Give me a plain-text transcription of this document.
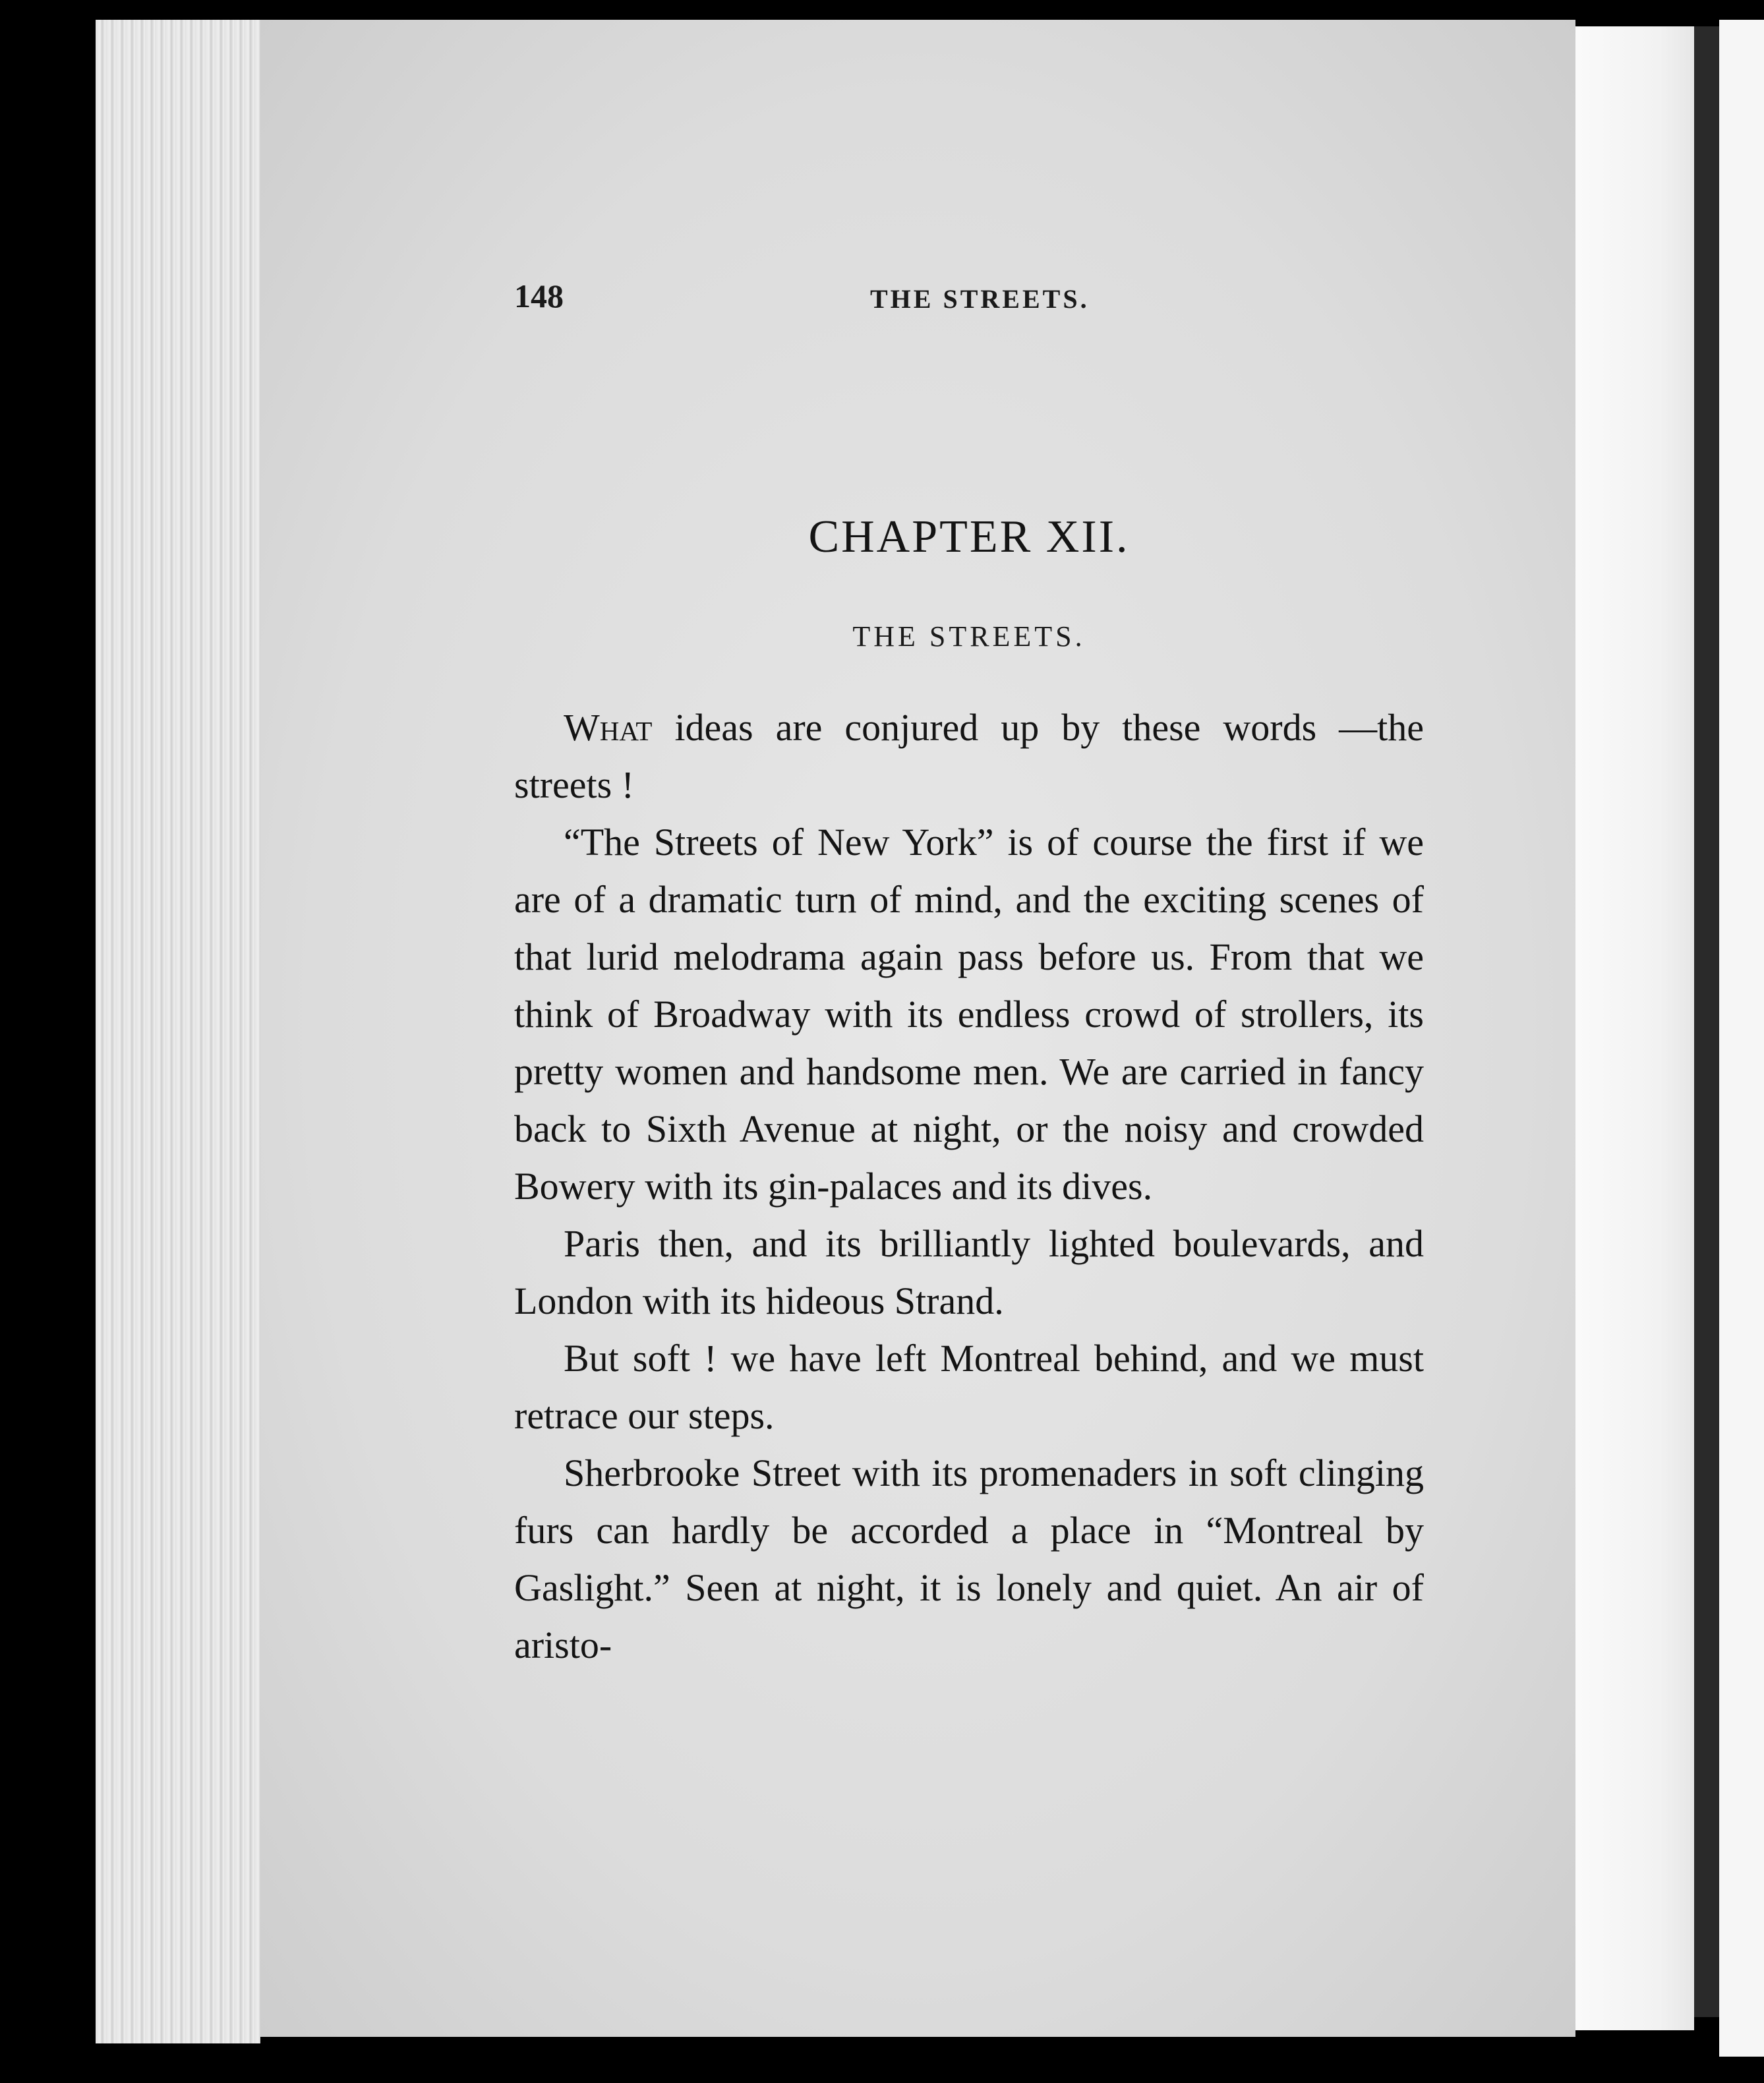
148	THE STREETS.
CHAPTER XII.
THE STREETS.

What ideas are conjured up by these words —the streets !

“The Streets of New York” is of course the first if we are of a dramatic turn of mind, and the exciting scenes of that lurid melodrama again pass before us. From that we think of Broadway with its endless crowd of strollers, its pretty women and handsome men. We are carried in fancy back to Sixth Avenue at night, or the noisy and crowded Bowery with its gin-palaces and its dives.

Paris then, and its brilliantly lighted boulevards, and London with its hideous Strand.

But soft ! we have left Montreal behind, and we must retrace our steps.

Sherbrooke Street with its promenaders in soft clinging furs can hardly be accorded a place in “Montreal by Gaslight.” Seen at night, it is lonely and quiet. An air of aristo-
